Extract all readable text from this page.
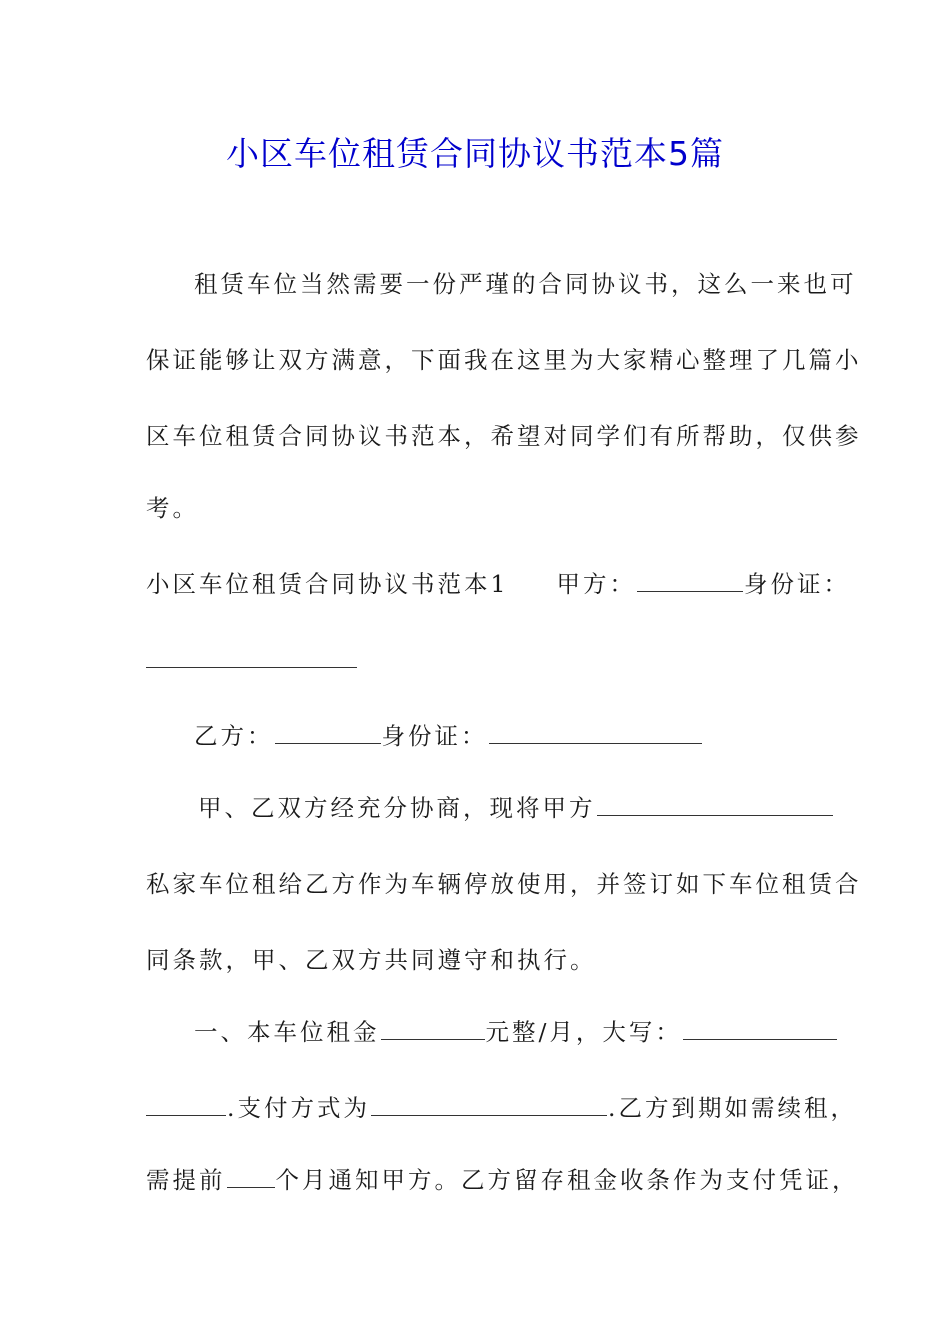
小区车位租赁合同协议书范本5篇
租赁车位当然需要一份严瑾的合同协议书，这么一来也可
保证能够让双方满意，下面我在这里为大家精心整理了几篇小
区车位租赁合同协议书范本，希望对同学们有所帮助，仅供参
考。
小区车位租赁合同协议书范本1 甲方：	身份证：
乙方：	身份证：
甲、乙双方经充分协商，现将甲方
私家车位租给乙方作为车辆停放使用，并签订如下车位租赁合
同条款，甲、乙双方共同遵守和执行。
一、本车位租金	元整/月，大写：
.支付方式为	.乙方到期如需续租，
需提前 个月通知甲方。乙方留存租金收条作为支付凭证，
